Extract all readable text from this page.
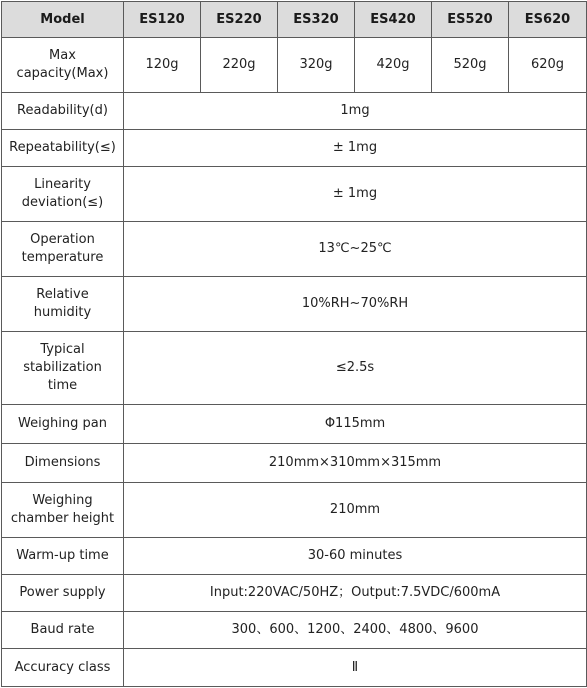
Model	ES120	ES220	ES320	ES420	ES520	ES620
Max
capacity(Max)	120g	220g	320g	420g	520g	620g
Readability(d)	1mg					
Repeatability(≤)	± 1mg					
Linearity
deviation(≤)	± 1mg					
Operation
temperature	13℃~25℃					
Relative
humidity	10%RH~70%RH					
Typical
stabilization
time	≤2.5s					
Weighing pan	Φ115mm					
Dimensions	210mm×310mm×315mm					
Weighing
chamber height	210mm					
Warm-up time	30-60 minutes					
Power supply	Input:220VAC/50HZ；Output:7.5VDC/600mA					
Baud rate	300、600、1200、2400、4800、9600					
Accuracy class	Ⅱ					
